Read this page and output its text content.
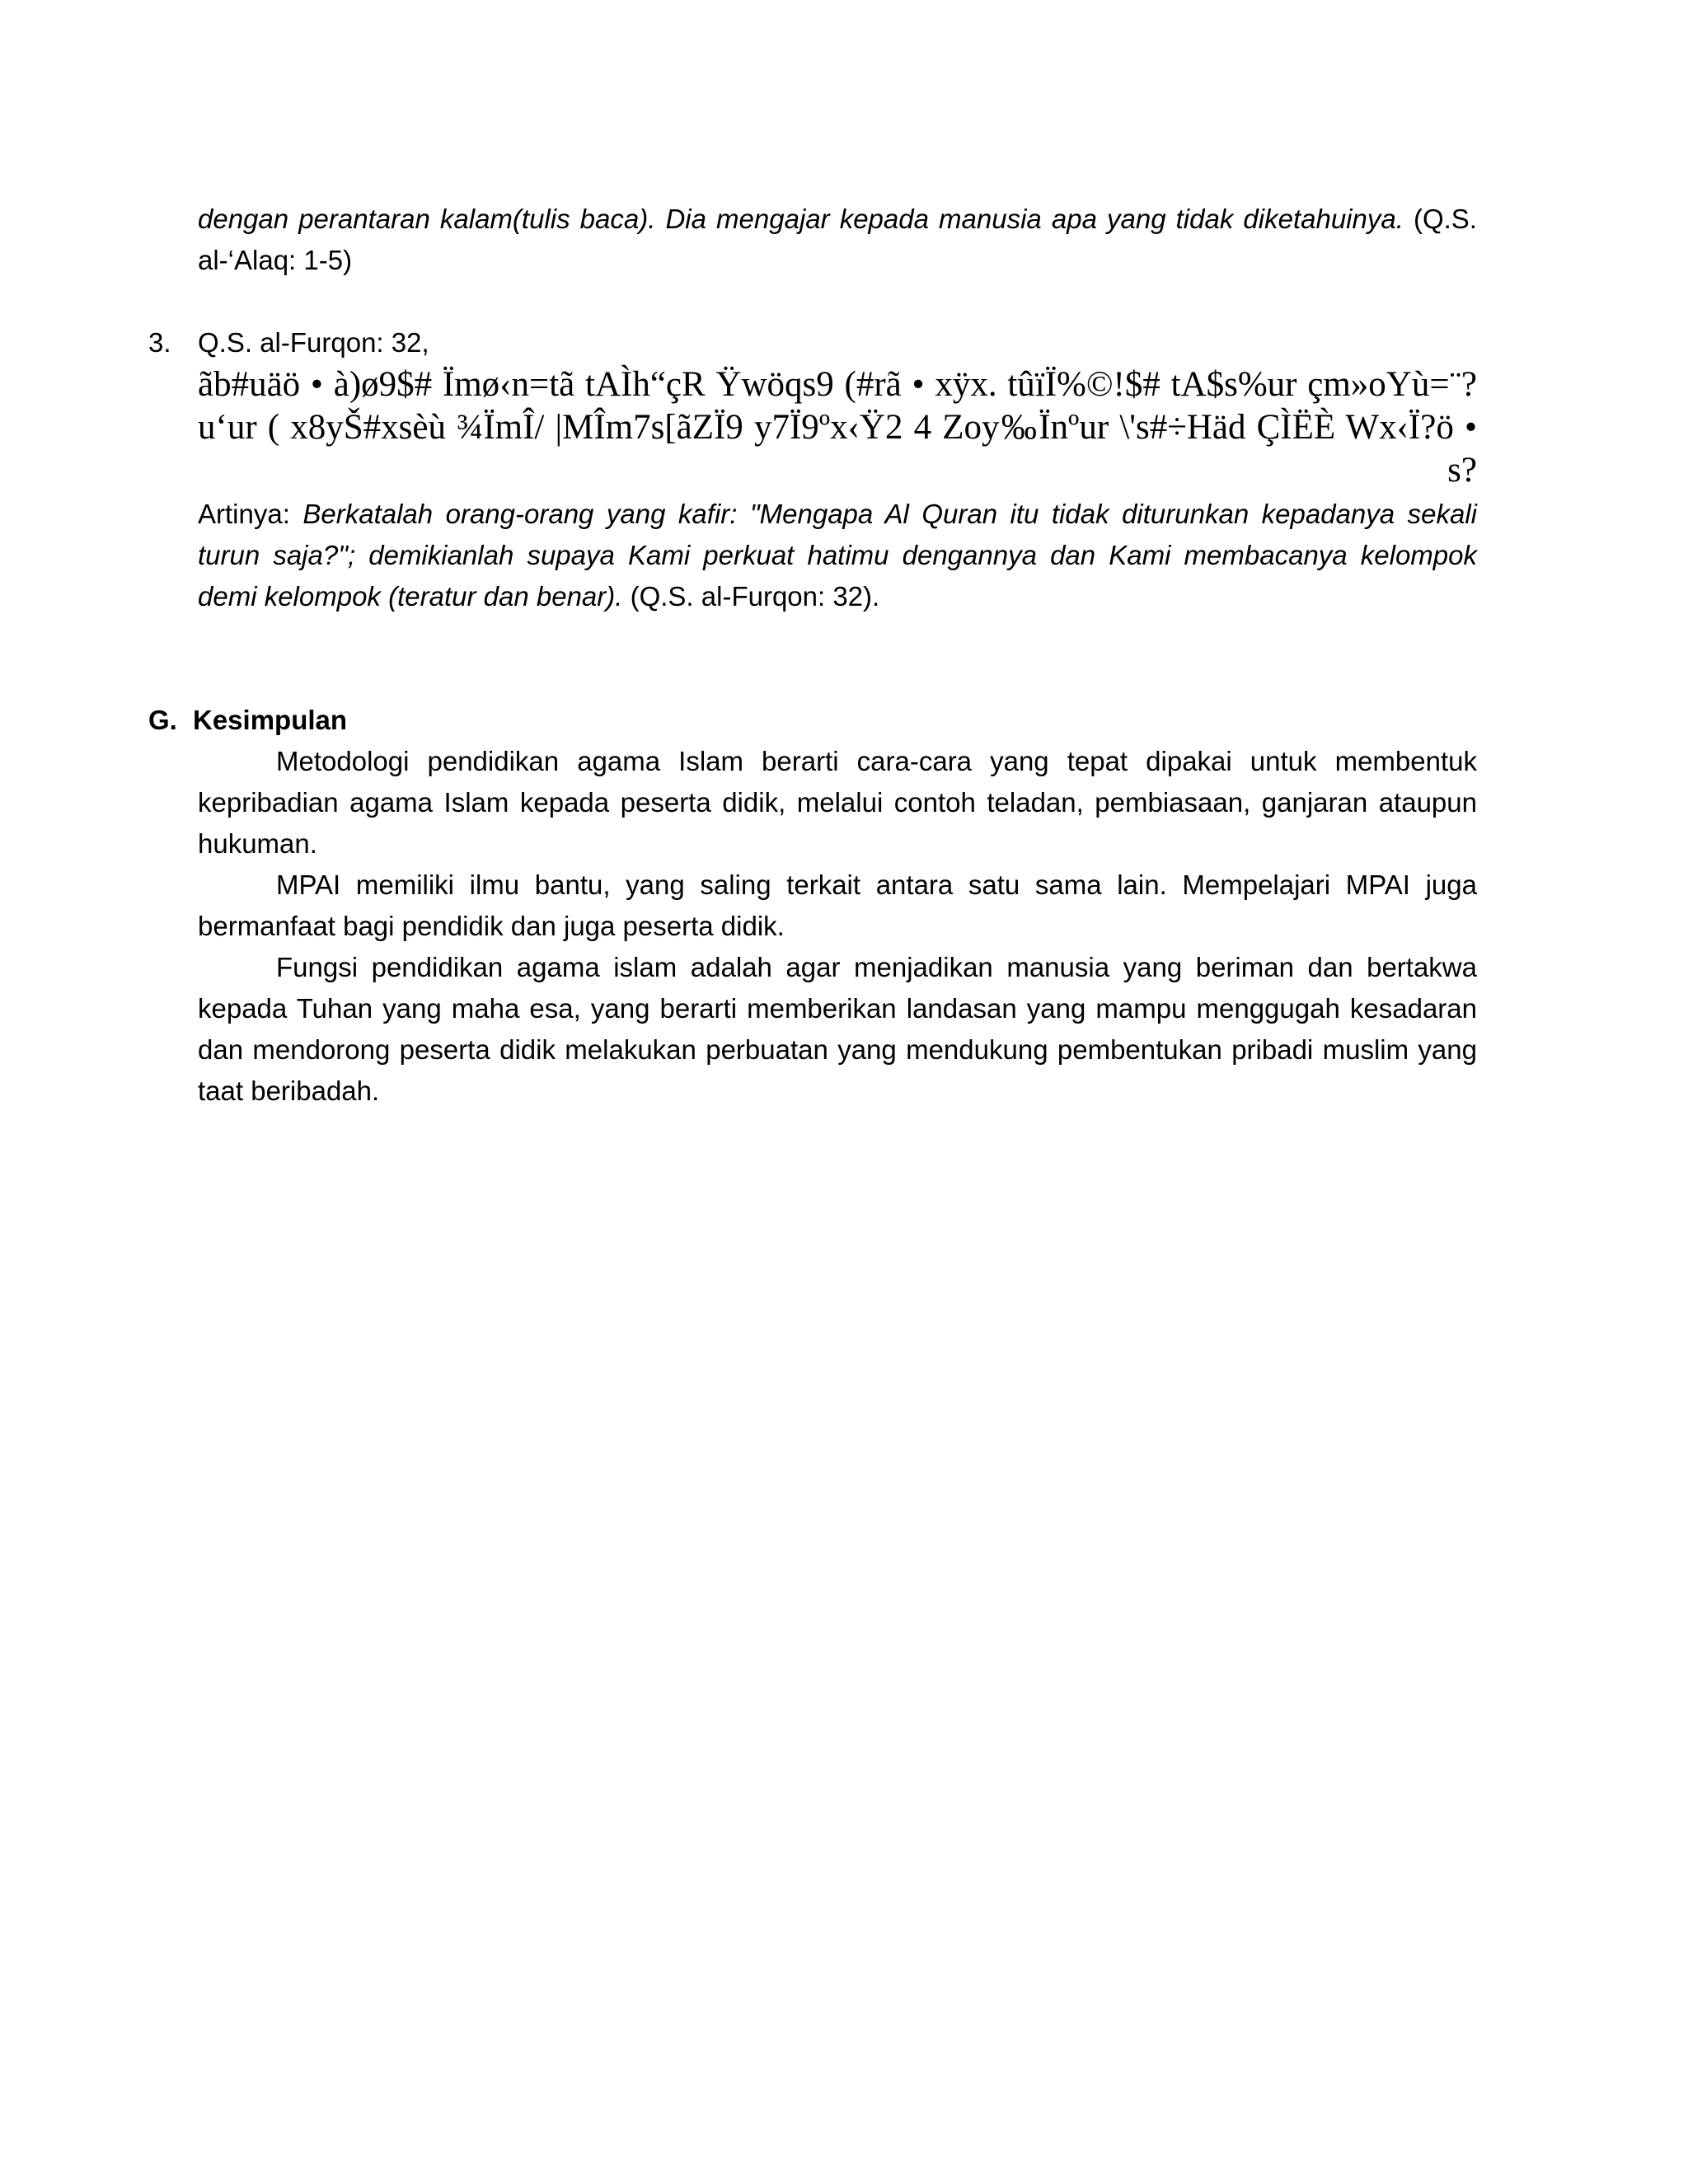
dengan perantaran kalam(tulis baca). Dia mengajar kepada manusia apa yang tidak diketahuinya. (Q.S. al-‘Alaq: 1-5)
3. Q.S. al-Furqon: 32,
ãb#uäö • à)ø9$# Ïmø‹n=tã tAÌh“çR Ÿwöqs9 (#rã • xÿx. tûïÏ%©!$# tA$s%ur çm»oYù=¨?u‘ur ( x8yŠ#xsèù ¾ÏmÎ/ |MÎm7s[ãZÏ9 y7Ï9ºx‹Ÿ2 4 Zoy‰Ïnºur \'s#÷Häd ÇÌËÈ Wx‹Ï?ö • s?
Artinya: Berkatalah orang-orang yang kafir: "Mengapa Al Quran itu tidak diturunkan kepadanya sekali turun saja?"; demikianlah supaya Kami perkuat hatimu dengannya dan Kami membacanya kelompok demi kelompok (teratur dan benar). (Q.S. al-Furqon: 32).
G. Kesimpulan
Metodologi pendidikan agama Islam berarti cara-cara yang tepat dipakai untuk membentuk kepribadian agama Islam kepada peserta didik, melalui contoh teladan, pembiasaan, ganjaran ataupun hukuman.
MPAI memiliki ilmu bantu, yang saling terkait antara satu sama lain. Mempelajari MPAI juga bermanfaat bagi pendidik dan juga peserta didik.
Fungsi pendidikan agama islam adalah agar menjadikan manusia yang beriman dan bertakwa kepada Tuhan yang maha esa, yang berarti memberikan landasan yang mampu menggugah kesadaran dan mendorong peserta didik melakukan perbuatan yang mendukung pembentukan pribadi muslim yang taat beribadah.
